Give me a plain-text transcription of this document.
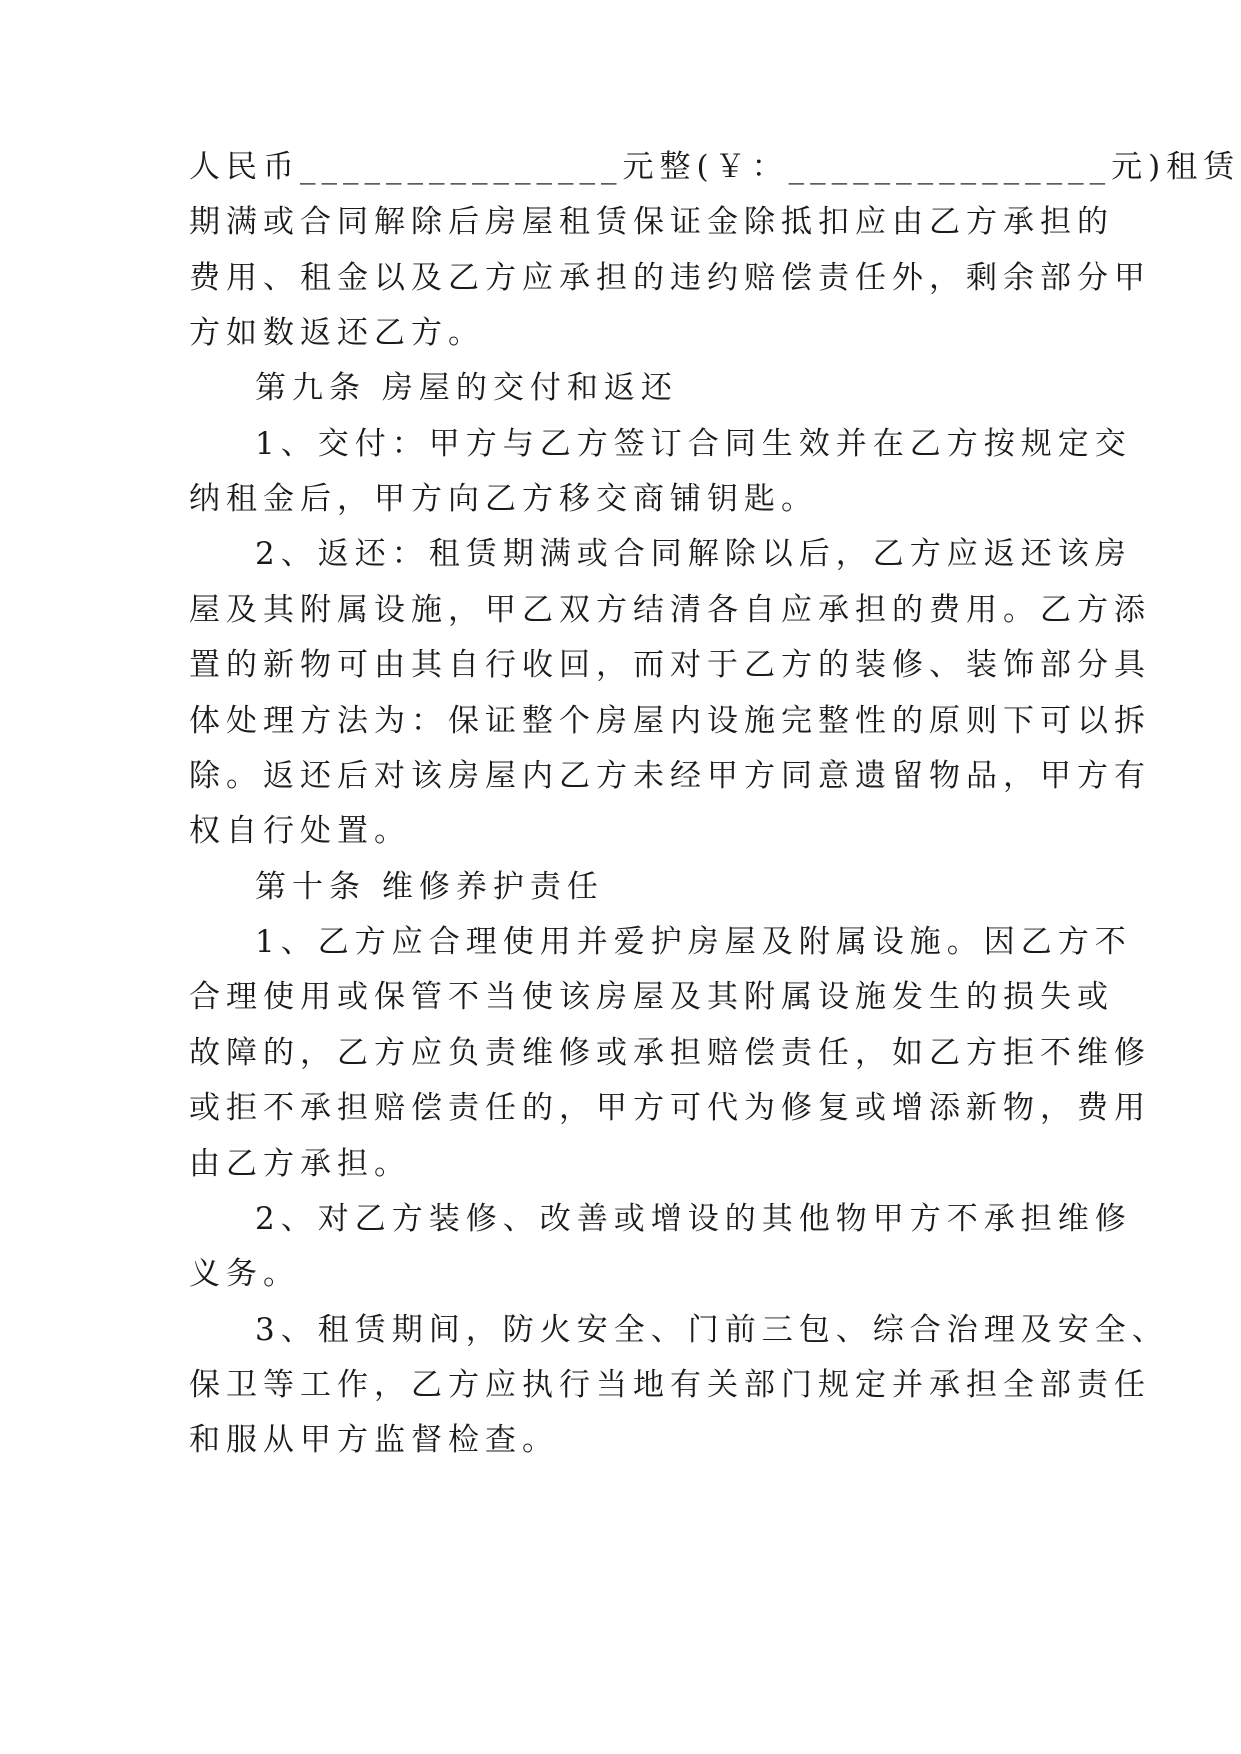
人民币_______________元整(￥：_______________元)租赁
期满或合同解除后房屋租赁保证金除抵扣应由乙方承担的
费用、租金以及乙方应承担的违约赔偿责任外，剩余部分甲
方如数返还乙方。
第九条 房屋的交付和返还
1、交付：甲方与乙方签订合同生效并在乙方按规定交
纳租金后，甲方向乙方移交商铺钥匙。
2、返还：租赁期满或合同解除以后，乙方应返还该房
屋及其附属设施，甲乙双方结清各自应承担的费用。乙方添
置的新物可由其自行收回，而对于乙方的装修、装饰部分具
体处理方法为：保证整个房屋内设施完整性的原则下可以拆
除。返还后对该房屋内乙方未经甲方同意遗留物品，甲方有
权自行处置。
第十条 维修养护责任
1、乙方应合理使用并爱护房屋及附属设施。因乙方不
合理使用或保管不当使该房屋及其附属设施发生的损失或
故障的，乙方应负责维修或承担赔偿责任，如乙方拒不维修
或拒不承担赔偿责任的，甲方可代为修复或增添新物，费用
由乙方承担。
2、对乙方装修、改善或增设的其他物甲方不承担维修
义务。
3、租赁期间，防火安全、门前三包、综合治理及安全、
保卫等工作，乙方应执行当地有关部门规定并承担全部责任
和服从甲方监督检查。
